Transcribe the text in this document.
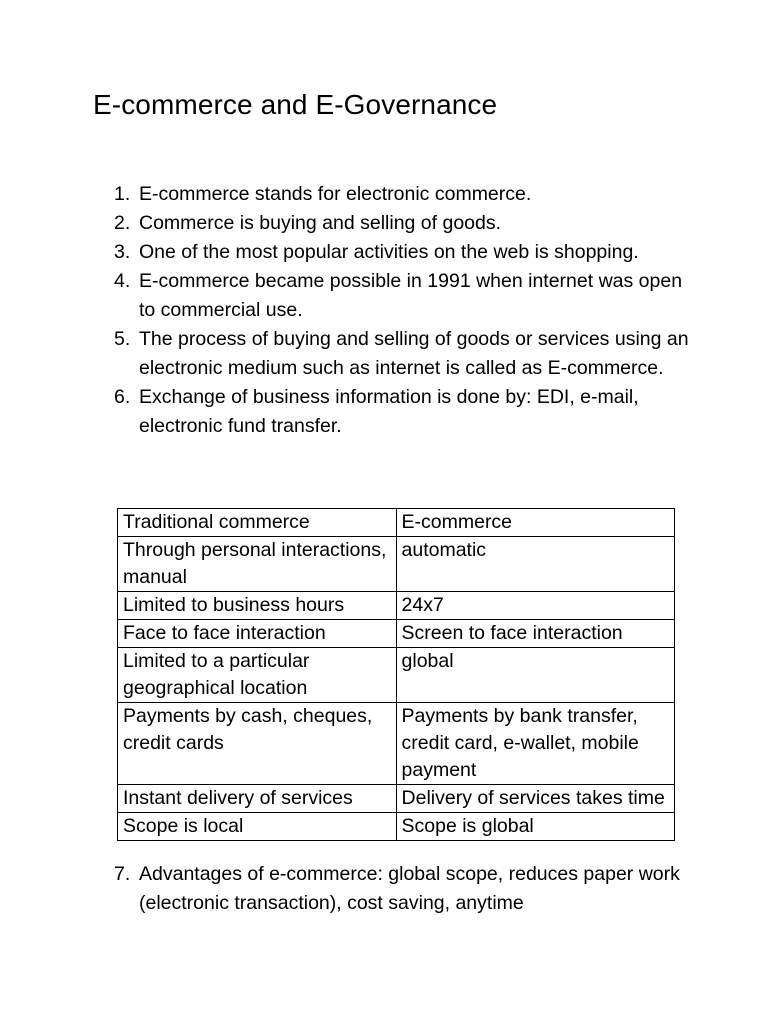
E-commerce and E-Governance
1. E-commerce stands for electronic commerce.
2. Commerce is buying and selling of goods.
3. One of the most popular activities on the web is shopping.
4. E-commerce became possible in 1991 when internet was open to commercial use.
5. The process of buying and selling of goods or services using an electronic medium such as internet is called as E-commerce.
6. Exchange of business information is done by: EDI, e-mail, electronic fund transfer.
Traditional commerce	E-commerce
Through personal interactions, manual	automatic
Limited to business hours	24x7
Face to face interaction	Screen to face interaction
Limited to a particular geographical location	global
Payments by cash, cheques, credit cards	Payments by bank transfer, credit card, e-wallet, mobile payment
Instant delivery of services	Delivery of services takes time
Scope is local	Scope is global
7. Advantages of e-commerce: global scope, reduces paper work (electronic transaction), cost saving, anytime
